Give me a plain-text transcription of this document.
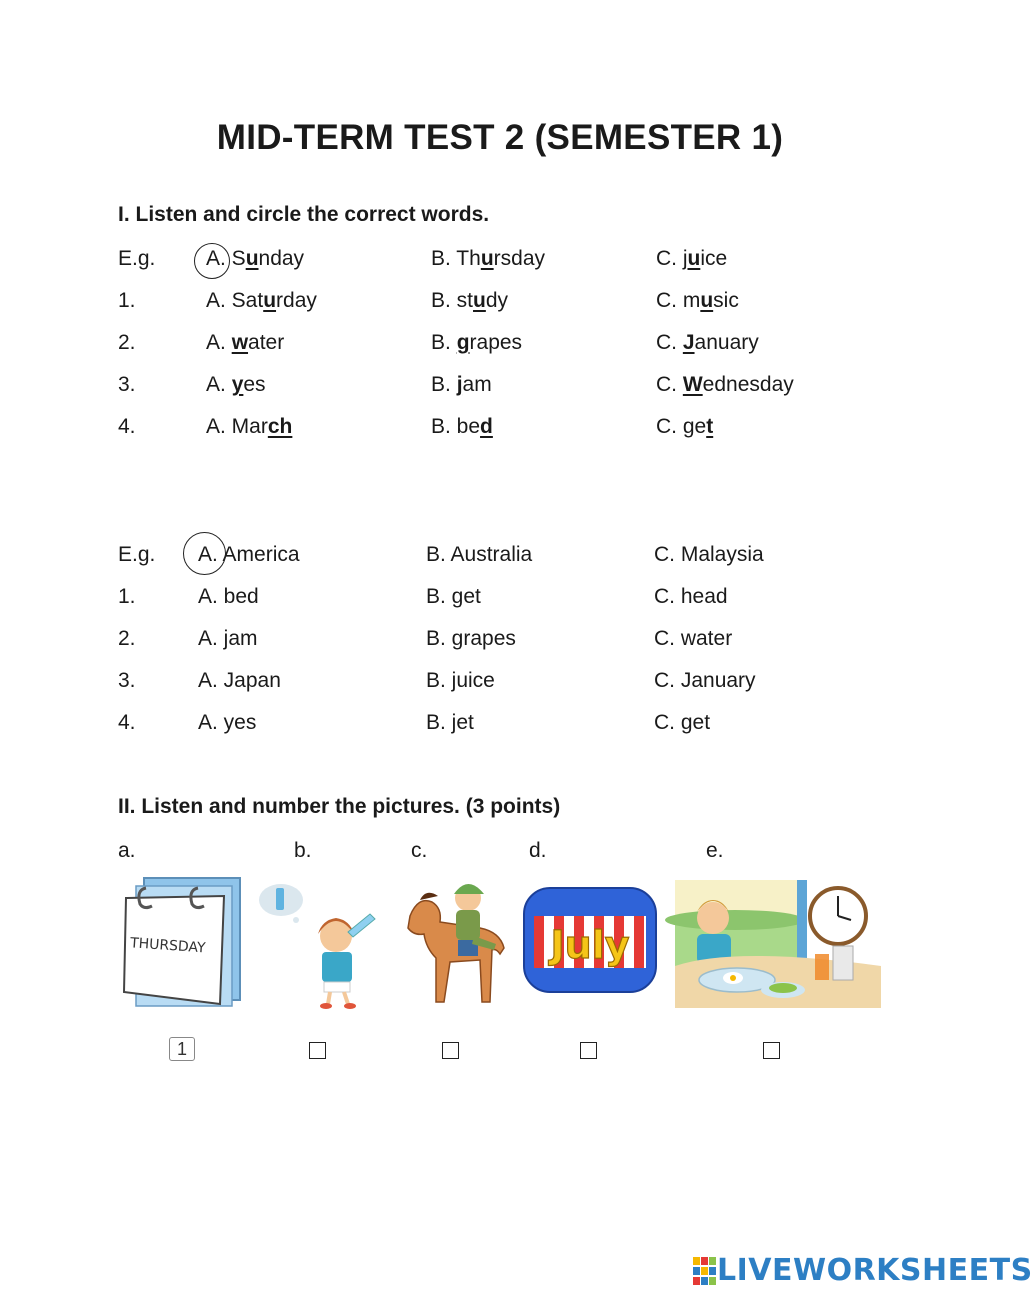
MID-TERM TEST 2 (SEMESTER 1)
I. Listen and circle the correct words.
E.g. A. Sunday	B. Thursday	C. juice
1.	A. Saturday	B. study	C. music
2.	A. water	B. grapes	C. January
3.	A. yes	B. jam	C. Wednesday
4.	A. March	B. bed	C. get
E.g. A. America	B. Australia	C. Malaysia
1.	A. bed	B. get	C. head
2.	A. jam	B. grapes	C. water
3.	A. Japan	B. juice	C. January
4.	A. yes	B. jet	C. get
II. Listen and number the pictures. (3 points)
a.	b.	c.	d.	e.
THURSDAY	July
1
LIVEWORKSHEETS
